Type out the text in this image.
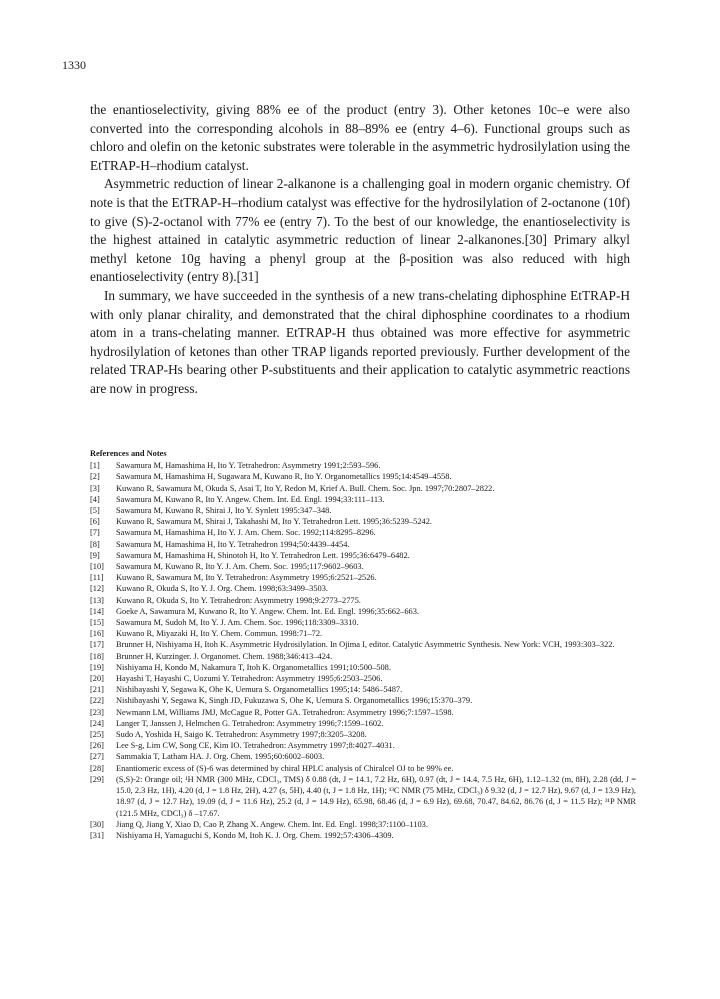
1330

the enantioselectivity, giving 88% ee of the product (entry 3). Other ketones 10c–e were also converted into the corresponding alcohols in 88–89% ee (entry 4–6). Functional groups such as chloro and olefin on the ketonic substrates were tolerable in the asymmetric hydrosilylation using the EtTRAP-H–rhodium catalyst.

Asymmetric reduction of linear 2-alkanone is a challenging goal in modern organic chemistry. Of note is that the EtTRAP-H–rhodium catalyst was effective for the hydrosilylation of 2-octanone (10f) to give (S)-2-octanol with 77% ee (entry 7). To the best of our knowledge, the enantioselectivity is the highest attained in catalytic asymmetric reduction of linear 2-alkanones.[30] Primary alkyl methyl ketone 10g having a phenyl group at the β-position was also reduced with high enantioselectivity (entry 8).[31]

In summary, we have succeeded in the synthesis of a new trans-chelating diphosphine EtTRAP-H with only planar chirality, and demonstrated that the chiral diphosphine coordinates to a rhodium atom in a trans-chelating manner. EtTRAP-H thus obtained was more effective for asymmetric hydrosilylation of ketones than other TRAP ligands reported previously. Further development of the related TRAP-Hs bearing other P-substituents and their application to catalytic asymmetric reactions are now in progress.

References and Notes
[1]	Sawamura M, Hamashima H, Ito Y. Tetrahedron: Asymmetry 1991;2:593–596.
[2]	Sawamura M, Hamashima H, Sugawara M, Kuwano R, Ito Y. Organometallics 1995;14:4549–4558.
[3]	Kuwano R, Sawamura M, Okuda S, Asai T, Ito Y, Redon M, Krief A. Bull. Chem. Soc. Jpn. 1997;70:2807–2822.
[4]	Sawamura M, Kuwano R, Ito Y. Angew. Chem. Int. Ed. Engl. 1994;33:111–113.
[5]	Sawamura M, Kuwano R, Shirai J, Ito Y. Synlett 1995:347–348.
[6]	Kuwano R, Sawamura M, Shirai J, Takahashi M, Ito Y. Tetrahedron Lett. 1995;36:5239–5242.
[7]	Sawamura M, Hamashima H, Ito Y. J. Am. Chem. Soc. 1992;114:8295–8296.
[8]	Sawamura M, Hamashima H, Ito Y. Tetrahedron 1994;50:4439–4454.
[9]	Sawamura M, Hamashima H, Shinotoh H, Ito Y. Tetrahedron Lett. 1995;36:6479–6482.
[10]	Sawamura M, Kuwano R, Ito Y. J. Am. Chem. Soc. 1995;117:9602–9603.
[11]	Kuwano R, Sawamura M, Ito Y. Tetrahedron: Asymmetry 1995;6:2521–2526.
[12]	Kuwano R, Okuda S, Ito Y. J. Org. Chem. 1998;63:3499–3503.
[13]	Kuwano R, Okuda S, Ito Y. Tetrahedron: Asymmetry 1998;9:2773–2775.
[14]	Goeke A, Sawamura M, Kuwano R, Ito Y. Angew. Chem. Int. Ed. Engl. 1996;35:662–663.
[15]	Sawamura M, Sudoh M, Ito Y. J. Am. Chem. Soc. 1996;118:3309–3310.
[16]	Kuwano R, Miyazaki H, Ito Y. Chem. Commun. 1998:71–72.
[17]	Brunner H, Nishiyama H, Itoh K. Asymmetric Hydrosilylation. In Ojima I, editor. Catalytic Asymmetric Synthesis. New York: VCH, 1993:303–322.
[18]	Brunner H, Kurzinger. J. Organomet. Chem. 1988;346:413–424.
[19]	Nishiyama H, Kondo M, Nakamura T, Itoh K. Organometallics 1991;10:500–508.
[20]	Hayashi T, Hayashi C, Uozumi Y. Tetrahedron: Asymmetry 1995;6:2503–2506.
[21]	Nishibayashi Y, Segawa K, Ohe K, Uemura S. Organometallics 1995;14: 5486–5487.
[22]	Nishibayashi Y, Segawa K, Singh JD, Fukuzawa S, Ohe K, Uemura S. Organometallics 1996;15:370–379.
[23]	Newmann LM, Williams JMJ, McCague R, Potter GA. Tetrahedron: Asymmetry 1996;7:1597–1598.
[24]	Langer T, Janssen J, Helmchen G. Tetrahedron: Asymmetry 1996;7:1599–1602.
[25]	Sudo A, Yoshida H, Saigo K. Tetrahedron: Asymmetry 1997;8:3205–3208.
[26]	Lee S-g, Lim CW, Song CE, Kim IO. Tetrahedron: Asymmetry 1997;8:4027–4031.
[27]	Sammakia T, Latham HA. J. Org. Chem. 1995;60:6002–6003.
[28]	Enantiomeric excess of (S)-6 was determined by chiral HPLC analysis of Chiralcel OJ to be 99% ee.
[29]	(S,S)-2: Orange oil; ¹H NMR (300 MHz, CDCl₃, TMS) δ 0.88 (dt, J = 14.1, 7.2 Hz, 6H), 0.97 (dt, J = 14.4, 7.5 Hz, 6H), 1.12–1.32 (m, 8H), 2.28 (dd, J = 15.0, 2.3 Hz, 1H), 4.20 (d, J = 1.8 Hz, 2H), 4.27 (s, 5H), 4.40 (t, J = 1.8 Hz, 1H); ¹³C NMR (75 MHz, CDCl₃) δ 9.32 (d, J = 12.7 Hz), 9.67 (d, J = 13.9 Hz), 18.97 (d, J = 12.7 Hz), 19.09 (d, J = 11.6 Hz), 25.2 (d, J = 14.9 Hz), 65.98, 68.46 (d, J = 6.9 Hz), 69.68, 70.47, 84.62, 86.76 (d, J = 11.5 Hz); ³¹P NMR (121.5 MHz, CDCl₃) δ –17.67.
[30]	Jiang Q, Jiang Y, Xiao D, Cao P, Zhang X. Angew. Chem. Int. Ed. Engl. 1998;37:1100–1103.
[31]	Nishiyama H, Yamaguchi S, Kondo M, Itoh K. J. Org. Chem. 1992;57:4306–4309.
